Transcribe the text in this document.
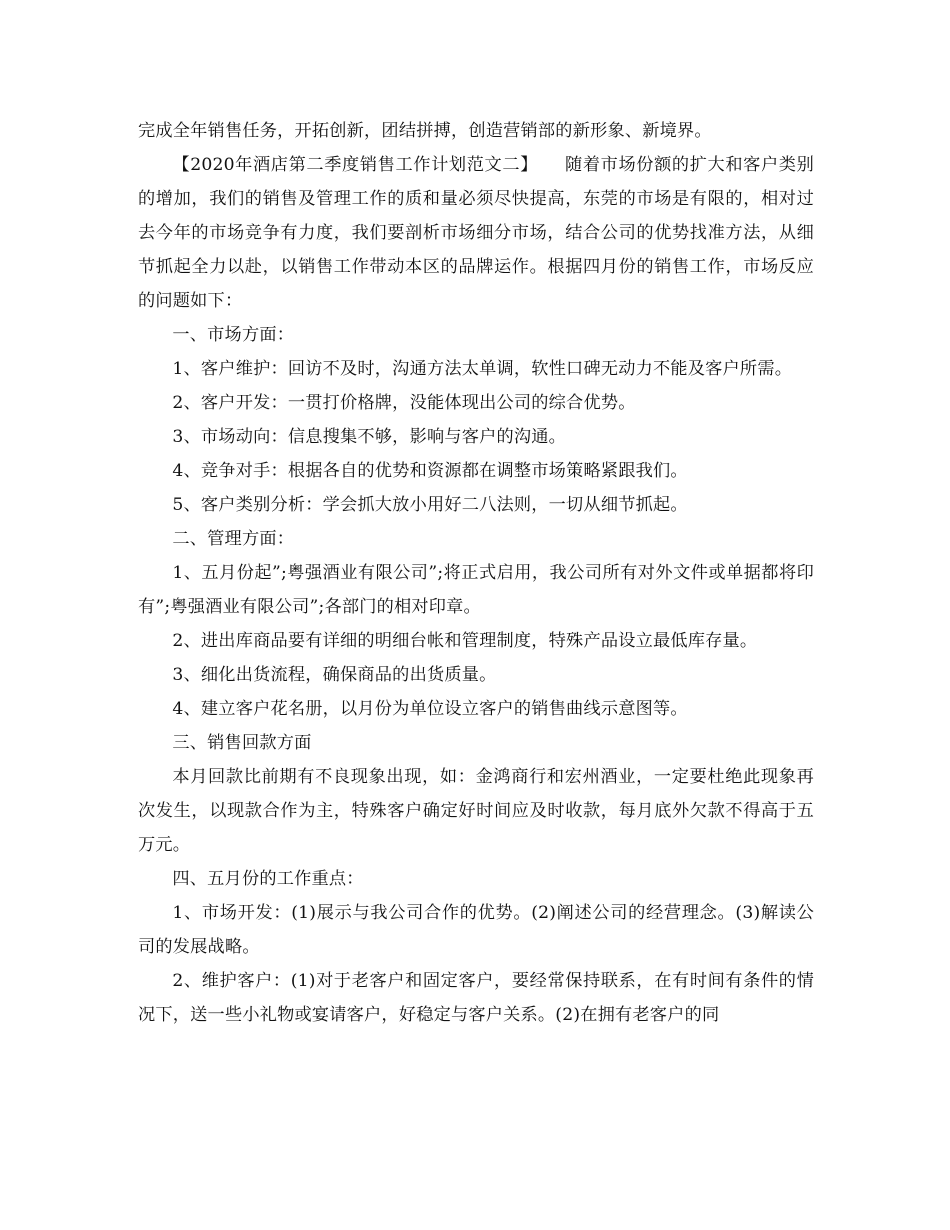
完成全年销售任务，开拓创新，团结拼搏，创造营销部的新形象、新境界。

【2020年酒店第二季度销售工作计划范文二】　　随着市场份额的扩大和客户类别的增加，我们的销售及管理工作的质和量必须尽快提高，东莞的市场是有限的，相对过去今年的市场竞争有力度，我们要剖析市场细分市场，结合公司的优势找准方法，从细节抓起全力以赴，以销售工作带动本区的品牌运作。根据四月份的销售工作，市场反应的问题如下：

一、市场方面：

1、客户维护：回访不及时，沟通方法太单调，软性口碑无动力不能及客户所需。

2、客户开发：一贯打价格牌，没能体现出公司的综合优势。

3、市场动向：信息搜集不够，影响与客户的沟通。

4、竞争对手：根据各自的优势和资源都在调整市场策略紧跟我们。

5、客户类别分析：学会抓大放小用好二八法则，一切从细节抓起。

二、管理方面：

1、五月份起”;粤强酒业有限公司”;将正式启用，我公司所有对外文件或单据都将印有”;粤强酒业有限公司”;各部门的相对印章。

2、进出库商品要有详细的明细台帐和管理制度，特殊产品设立最低库存量。

3、细化出货流程，确保商品的出货质量。

4、建立客户花名册，以月份为单位设立客户的销售曲线示意图等。

三、销售回款方面

本月回款比前期有不良现象出现，如：金鸿商行和宏州酒业，一定要杜绝此现象再次发生，以现款合作为主，特殊客户确定好时间应及时收款，每月底外欠款不得高于五万元。

四、五月份的工作重点：

1、市场开发：(1)展示与我公司合作的优势。(2)阐述公司的经营理念。(3)解读公司的发展战略。

2、维护客户：(1)对于老客户和固定客户，要经常保持联系，在有时间有条件的情况下，送一些小礼物或宴请客户，好稳定与客户关系。(2)在拥有老客户的同
